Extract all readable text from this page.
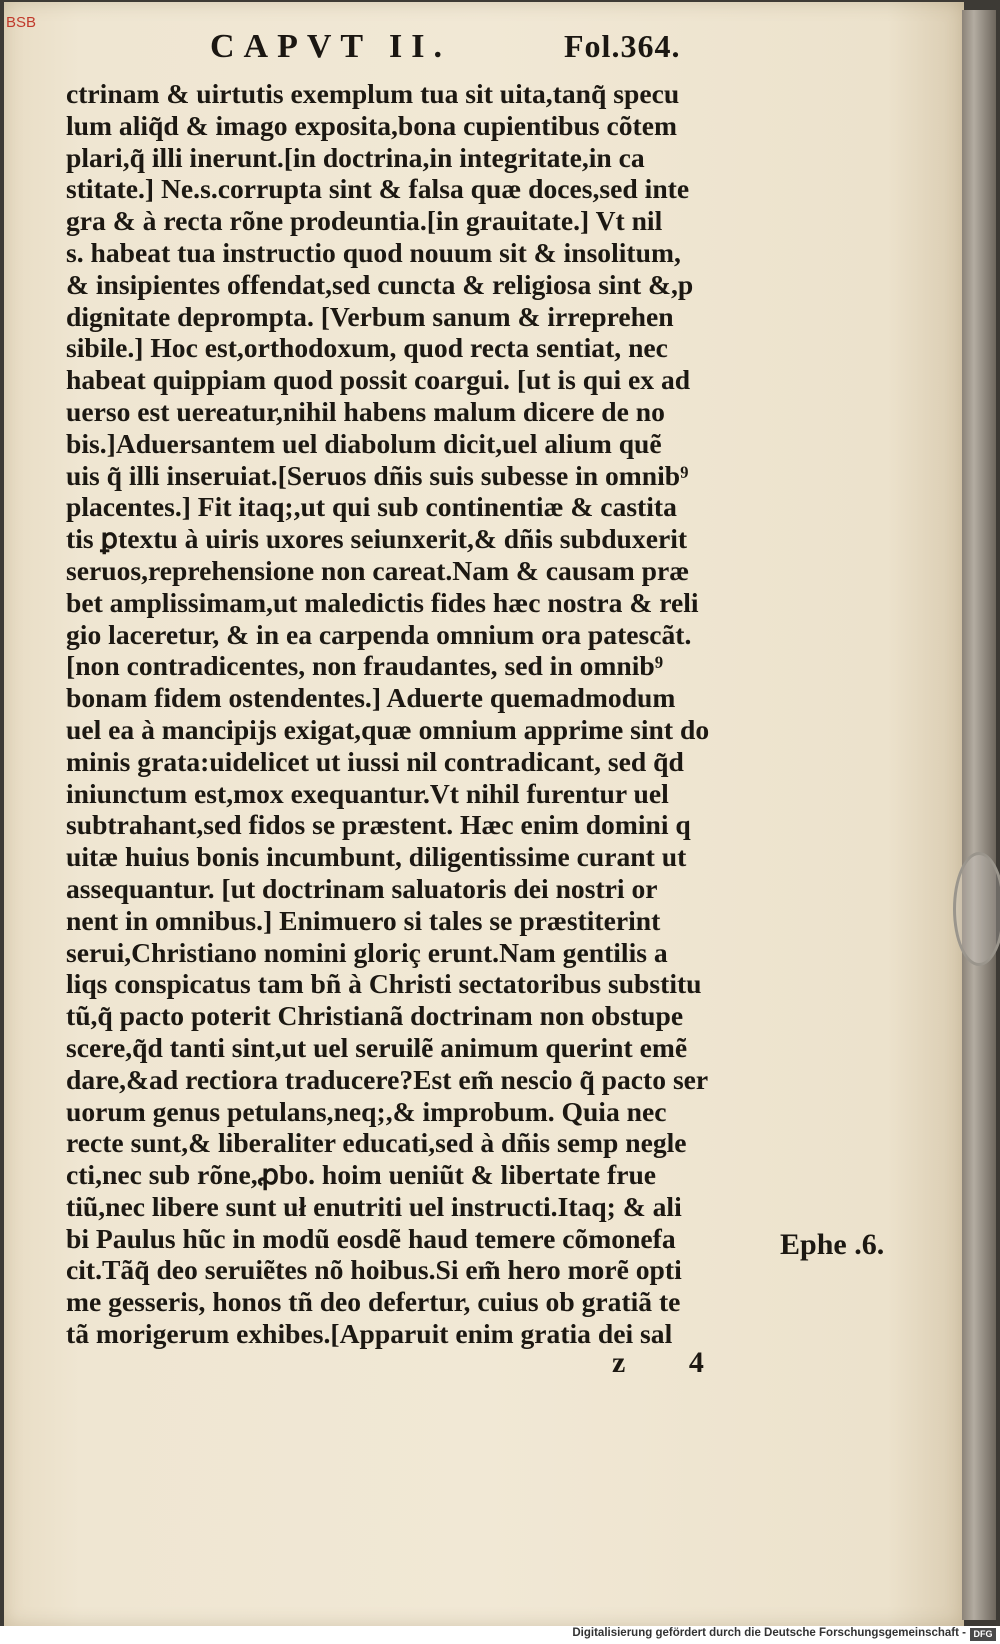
BSB
CAPVT II.	Fol.364.
ctrinam & uirtutis exemplum tua sit uita,tanq̃ specu
lum aliq̃d & imago exposita,bona cupientibus cõtem
plari,q̃ illi inerunt.[in doctrina,in integritate,in ca
stitate.] Ne.s.corrupta sint & falsa quæ doces,sed inte
gra & à recta rõne prodeuntia.[in grauitate.] Vt nil
s. habeat tua instructio quod nouum sit & insolitum,
& insipientes offendat,sed cuncta & religiosa sint &,p
dignitate deprompta. [Verbum sanum & irreprehen
sibile.] Hoc est,orthodoxum, quod recta sentiat, nec
habeat quippiam quod possit coargui. [ut is qui ex ad
uerso est uereatur,nihil habens malum dicere de no
bis.]Aduersantem uel diabolum dicit,uel alium quẽ
uis q̃ illi inseruiat.[Seruos dñis suis subesse in omnib⁹
placentes.] Fit itaq;,ut qui sub continentiæ & castita
tis ꝑtextu à uiris uxores seiunxerit,& dñis subduxerit
seruos,reprehensione non careat.Nam & causam præ
bet amplissimam,ut maledictis fides hæc nostra & reli
gio laceretur, & in ea carpenda omnium ora patescãt.
[non contradicentes, non fraudantes, sed in omnib⁹
bonam fidem ostendentes.] Aduerte quemadmodum
uel ea à mancipijs exigat,quæ omnium apprime sint do
minis grata:uidelicet ut iussi nil contradicant, sed q̃d
iniunctum est,mox exequantur.Vt nihil furentur uel
subtrahant,sed fidos se præstent. Hæc enim domini q
uitæ huius bonis incumbunt, diligentissime curant ut
assequantur. [ut doctrinam saluatoris dei nostri or
nent in omnibus.] Enimuero si tales se præstiterint
serui,Christiano nomini gloriç erunt.Nam gentilis a
liqs conspicatus tam bñ à Christi sectatoribus substitu
tũ,q̃ pacto poterit Christianã doctrinam non obstupe
scere,q̃d tanti sint,ut uel seruilẽ animum querint emẽ
dare,&ad rectiora traducere?Est em̃ nescio q̃ pacto ser
uorum genus petulans,neq;,& improbum. Quia nec
recte sunt,& liberaliter educati,sed à dñis semp negle
cti,nec sub rõne,ꝓbo. hoim ueniũt & libertate frue
tiũ,nec libere sunt uł enutriti uel instructi.Itaq; & ali
bi Paulus hũc in modũ eosdẽ haud temere cõmonefa
cit.Tãq̃ deo seruiẽtes nõ hoibus.Si em̃ hero morẽ opti
me gesseris, honos tñ deo defertur, cuius ob gratiã te
tã morigerum exhibes.[Apparuit enim gratia dei sal
Ephe .6.
z 4
Digitalisierung gefördert durch die Deutsche Forschungsgemeinschaft - DFG
